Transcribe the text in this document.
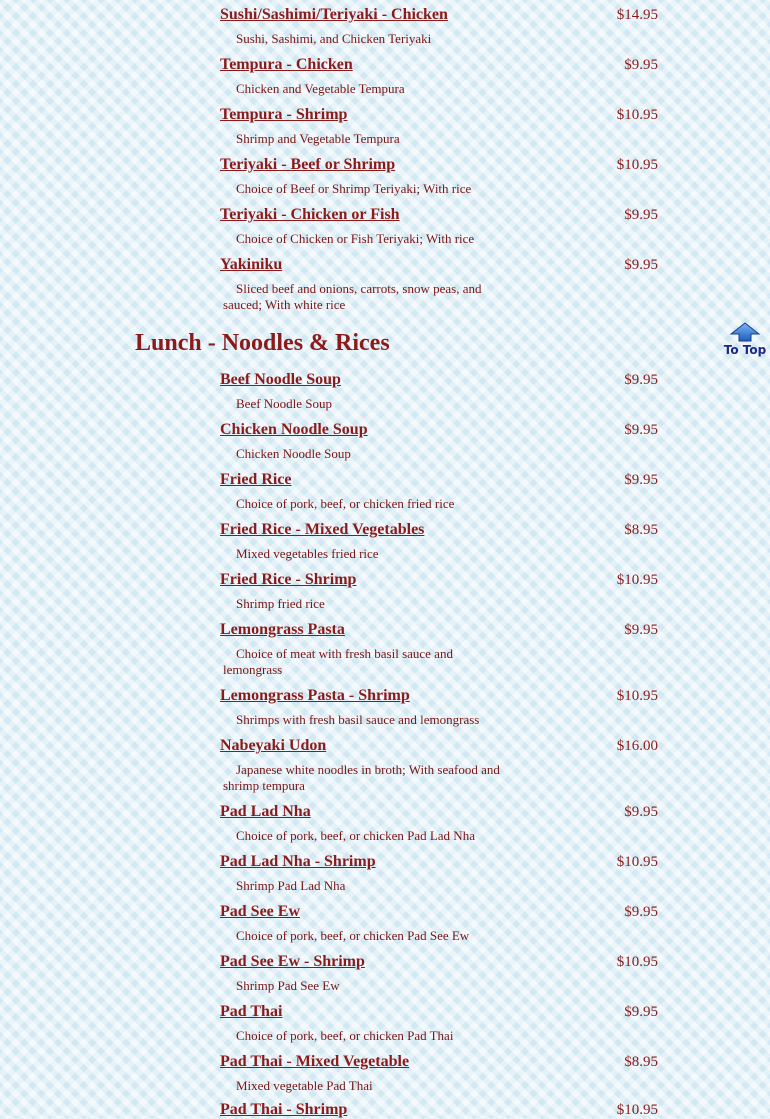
Sushi/Sashimi/Teriyaki - Chicken	$14.95
Sushi, Sashimi, and Chicken Teriyaki
Tempura - Chicken	$9.95
Chicken and Vegetable Tempura
Tempura - Shrimp	$10.95
Shrimp and Vegetable Tempura
Teriyaki - Beef or Shrimp	$10.95
Choice of Beef or Shrimp Teriyaki; With rice
Teriyaki - Chicken or Fish	$9.95
Choice of Chicken or Fish Teriyaki; With rice
Yakiniku	$9.95
Sliced beef and onions, carrots, snow peas, and sauced; With white rice
Lunch - Noodles & Rices
Beef Noodle Soup	$9.95
Beef Noodle Soup
Chicken Noodle Soup	$9.95
Chicken Noodle Soup
Fried Rice	$9.95
Choice of pork, beef, or chicken fried rice
Fried Rice - Mixed Vegetables	$8.95
Mixed vegetables fried rice
Fried Rice - Shrimp	$10.95
Shrimp fried rice
Lemongrass Pasta	$9.95
Choice of meat with fresh basil sauce and lemongrass
Lemongrass Pasta - Shrimp	$10.95
Shrimps with fresh basil sauce and lemongrass
Nabeyaki Udon	$16.00
Japanese white noodles in broth; With seafood and shrimp tempura
Pad Lad Nha	$9.95
Choice of pork, beef, or chicken Pad Lad Nha
Pad Lad Nha - Shrimp	$10.95
Shrimp Pad Lad Nha
Pad See Ew	$9.95
Choice of pork, beef, or chicken Pad See Ew
Pad See Ew - Shrimp	$10.95
Shrimp Pad See Ew
Pad Thai	$9.95
Choice of pork, beef, or chicken Pad Thai
Pad Thai - Mixed Vegetable	$8.95
Mixed vegetable Pad Thai
Pad Thai - Shrimp	$10.95
To Top
